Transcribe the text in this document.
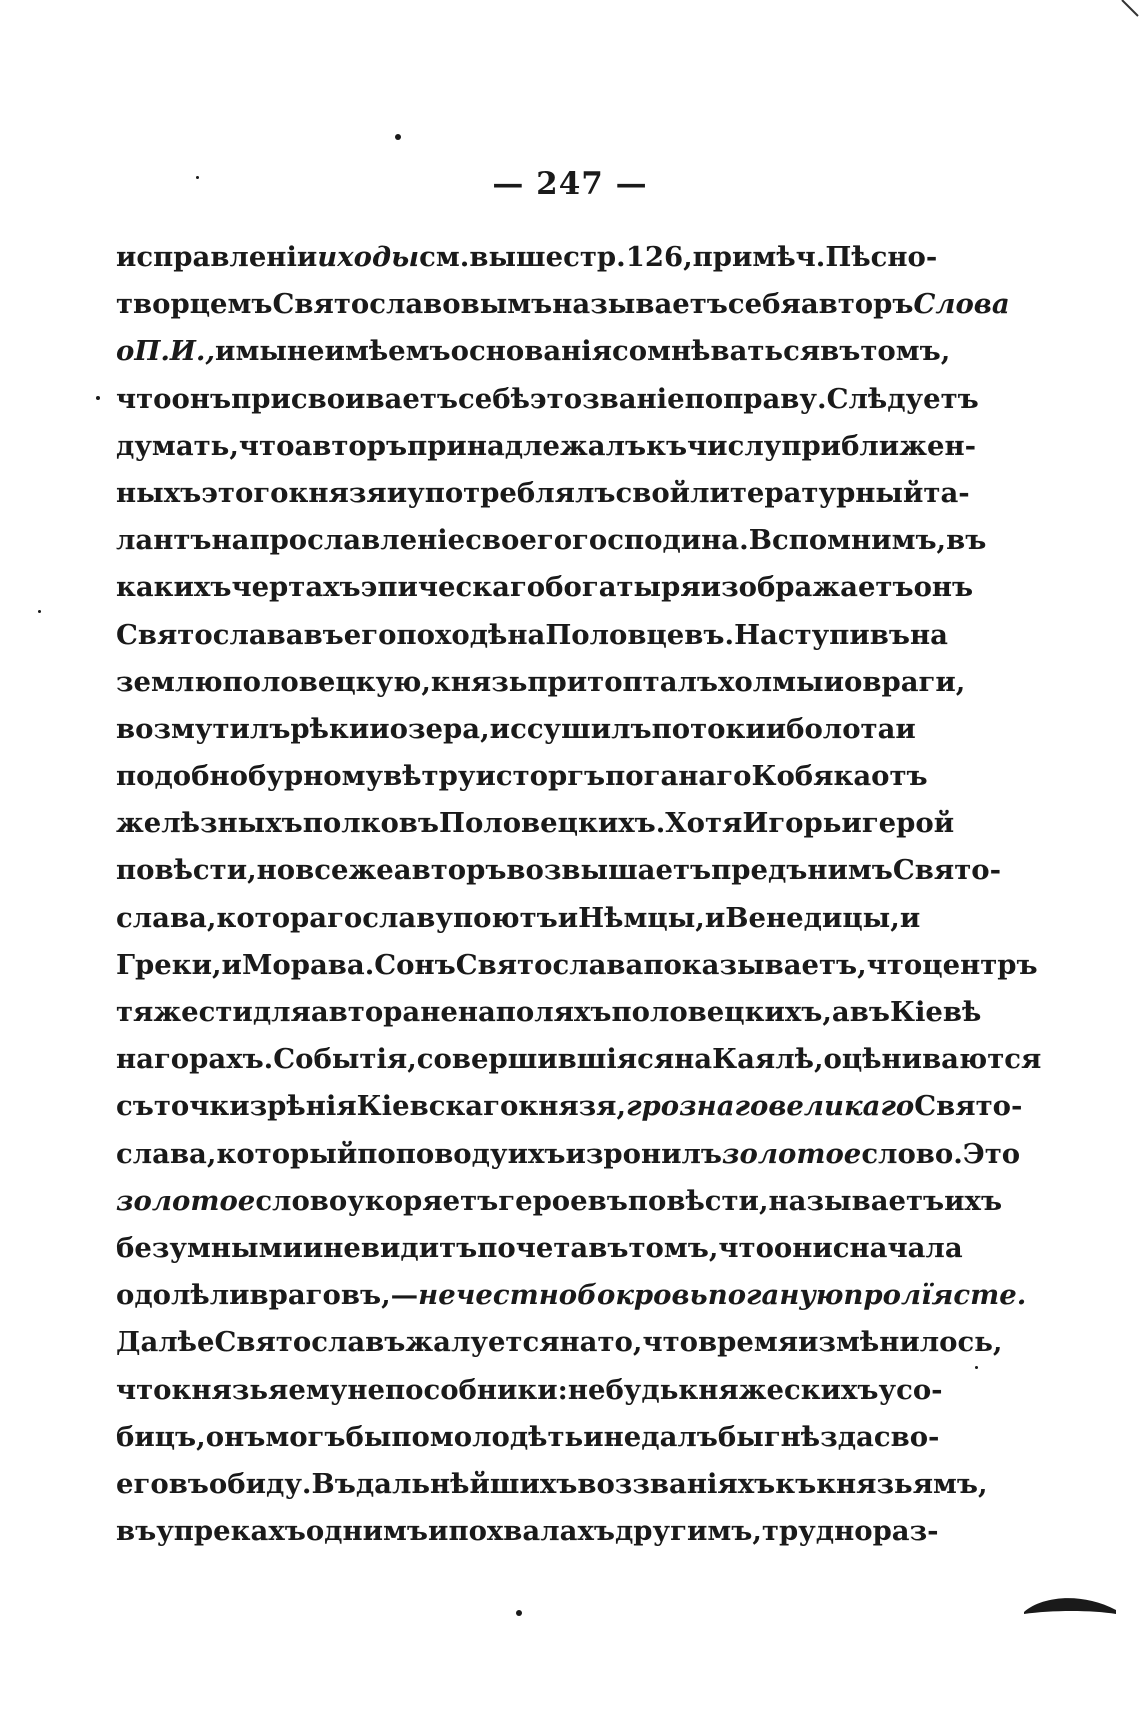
— 247 —
исправленіи иходы см. выше стр. 126, примѣч. Пѣсно-
творцемъ Святославовымъ называетъ себя авторъ Слова
о П. И., и мы не имѣемъ основанія сомнѣваться въ томъ,
что онъ присвоиваетъ себѣ это званіе по праву. Слѣдуетъ
думать, что авторъ принадлежалъ къ числу приближен-
ныхъ этого князя и употреблялъ свой литературный та-
лантъ на прославленіе своего господина. Вспомнимъ, въ
какихъ чертахъ эпическаго богатыря изображаетъ онъ
Святослава въ его походѣ на Половцевъ. Наступивъ на
землю половецкую, князь притопталъ холмы и овраги,
возмутилъ рѣки и озера, иссушилъ потоки и болота и
подобно бурному вѣтру исторгъ поганаго Кобяка отъ
желѣзныхъ полковъ Половецкихъ. Хотя Игорь и герой
повѣсти, но все же авторъ возвышаетъ предъ нимъ Свято-
слава, котораго славу поютъ и Нѣмцы, и Венедицы, и
Греки, и Морава. Сонъ Святослава показываетъ, что центръ
тяжести для автора не на поляхъ половецкихъ, а въ Кіевѣ
на горахъ. Событія, совершившіяся на Каялѣ, оцѣниваются
съ точки зрѣнія Кіевскаго князя, грознаго великаго Свято-
слава, который по поводу ихъ изронилъ золотое слово. Это
золотое слово укоряетъ героевъ повѣсти, называетъ ихъ
безумными и не видитъ почета въ томъ, что они сначала
одолѣли враговъ,— нечестно бо кровь поганую пролїясте.
Далѣе Святославъ жалуется на то, что время измѣнилось,
что князья ему не пособники: не будь княжескихъ усо-
бицъ, онъ могъ бы помолодѣть и не далъ бы гнѣзда сво-
его въ обиду. Въ дальнѣйшихъ воззваніяхъ къ князьямъ,
въ упрекахъ однимъ и похвалахъ другимъ, трудно раз-
